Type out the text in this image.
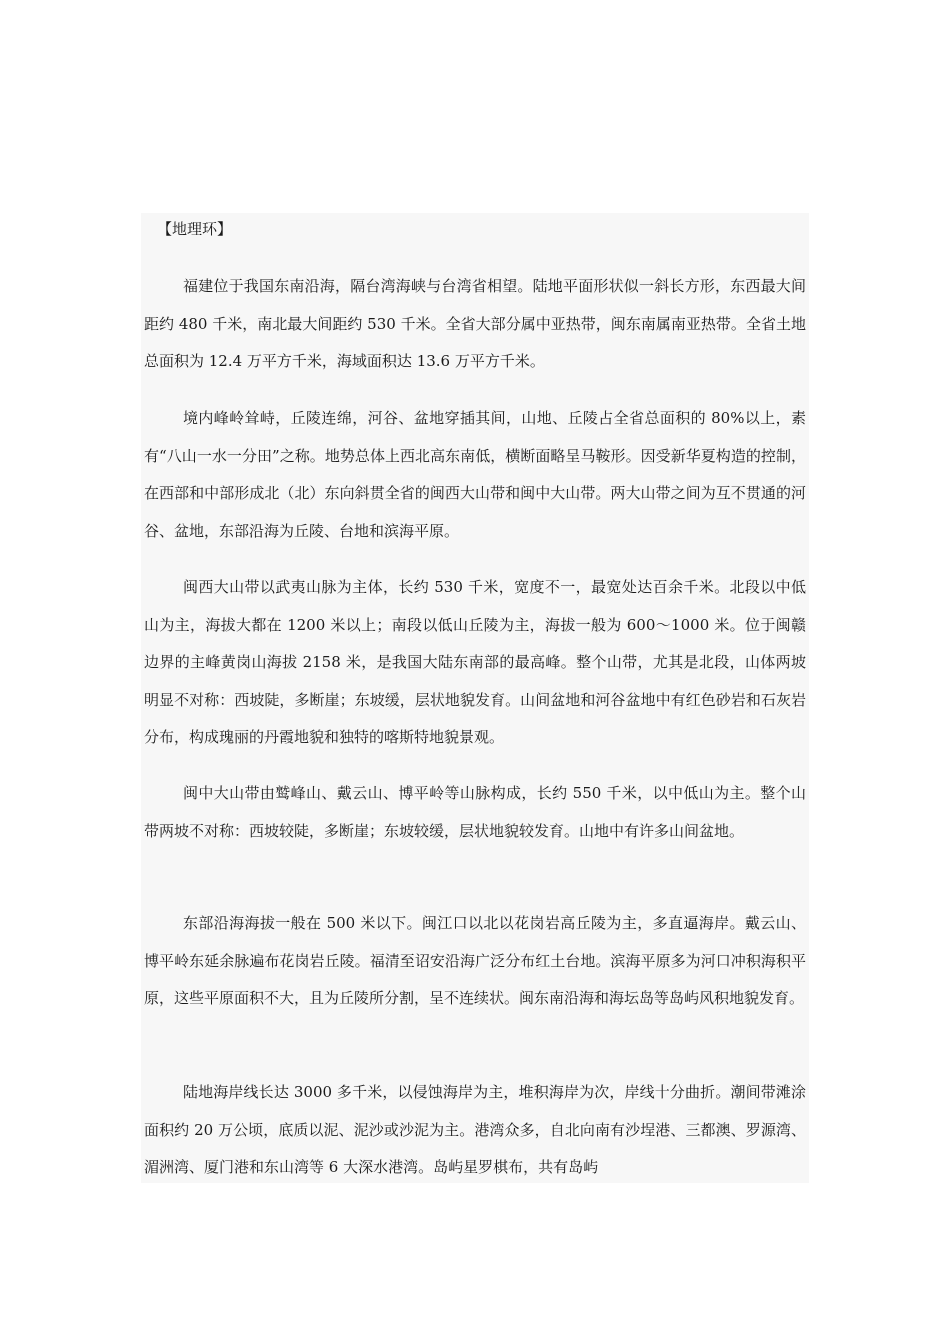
【地理环】

福建位于我国东南沿海，隔台湾海峡与台湾省相望。陆地平面形状似一斜长方形，东西最大间距约 480 千米，南北最大间距约 530 千米。全省大部分属中亚热带，闽东南属南亚热带。全省土地总面积为 12.4 万平方千米，海域面积达 13.6 万平方千米。

境内峰岭耸峙，丘陵连绵，河谷、盆地穿插其间，山地、丘陵占全省总面积的 80%以上，素有“八山一水一分田”之称。地势总体上西北高东南低，横断面略呈马鞍形。因受新华夏构造的控制，在西部和中部形成北（北）东向斜贯全省的闽西大山带和闽中大山带。两大山带之间为互不贯通的河谷、盆地，东部沿海为丘陵、台地和滨海平原。

闽西大山带以武夷山脉为主体，长约 530 千米，宽度不一，最宽处达百余千米。北段以中低山为主，海拔大都在 1200 米以上；南段以低山丘陵为主，海拔一般为 600～1000 米。位于闽赣边界的主峰黄岗山海拔 2158 米，是我国大陆东南部的最高峰。整个山带，尤其是北段，山体两坡明显不对称：西坡陡，多断崖；东坡缓，层状地貌发育。山间盆地和河谷盆地中有红色砂岩和石灰岩分布，构成瑰丽的丹霞地貌和独特的喀斯特地貌景观。

闽中大山带由鹫峰山、戴云山、博平岭等山脉构成，长约 550 千米，以中低山为主。整个山带两坡不对称：西坡较陡，多断崖；东坡较缓，层状地貌较发育。山地中有许多山间盆地。

东部沿海海拔一般在 500 米以下。闽江口以北以花岗岩高丘陵为主，多直逼海岸。戴云山、博平岭东延余脉遍布花岗岩丘陵。福清至诏安沿海广泛分布红土台地。滨海平原多为河口冲积海积平原，这些平原面积不大，且为丘陵所分割，呈不连续状。闽东南沿海和海坛岛等岛屿风积地貌发育。

陆地海岸线长达 3000 多千米，以侵蚀海岸为主，堆积海岸为次，岸线十分曲折。潮间带滩涂面积约 20 万公顷，底质以泥、泥沙或沙泥为主。港湾众多，自北向南有沙埕港、三都澳、罗源湾、湄洲湾、厦门港和东山湾等 6 大深水港湾。岛屿星罗棋布，共有岛屿
